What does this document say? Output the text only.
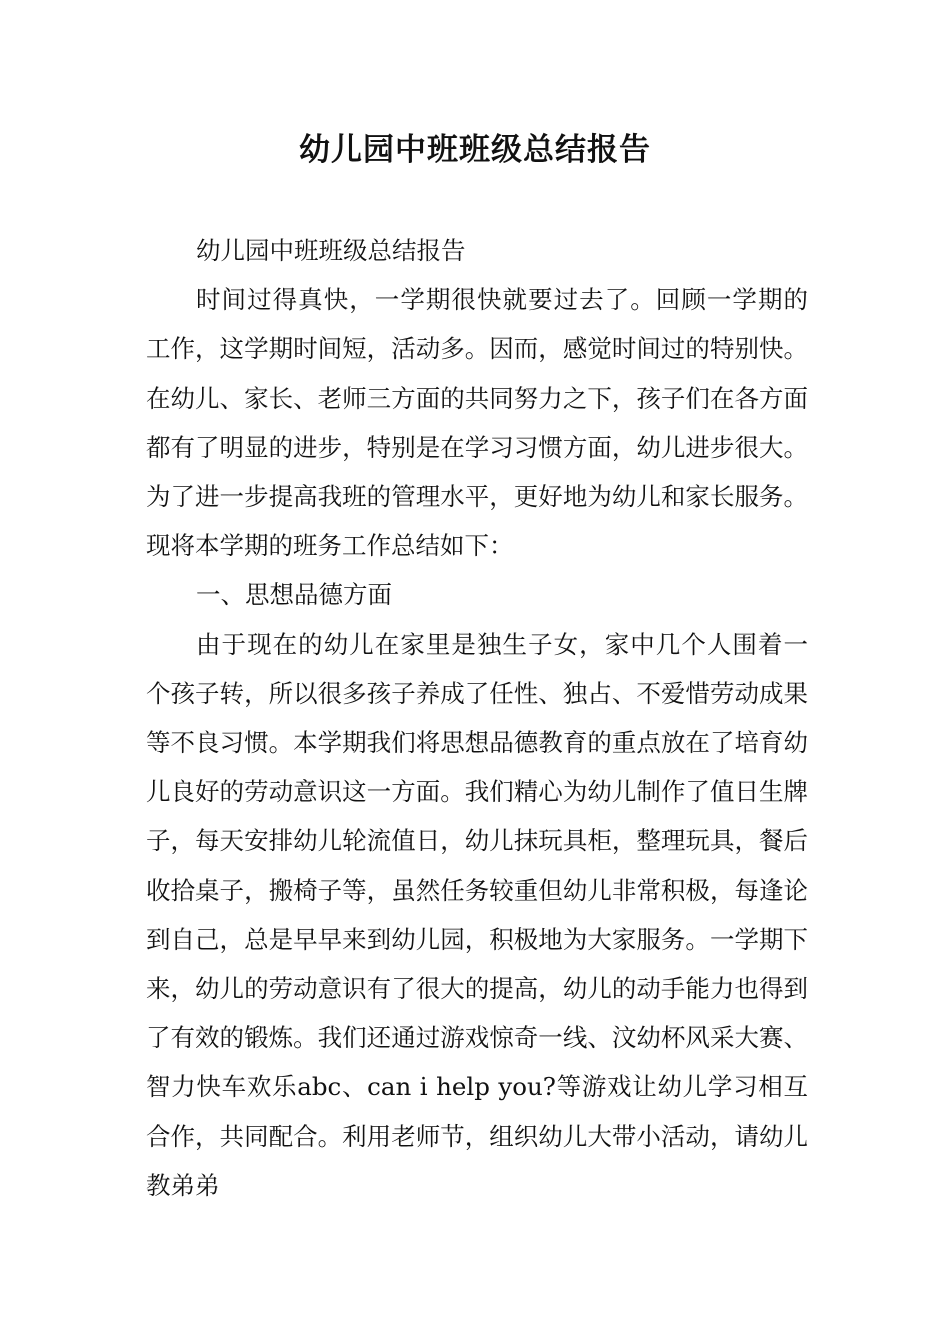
幼儿园中班班级总结报告

幼儿园中班班级总结报告

时间过得真快，一学期很快就要过去了。回顾一学期的工作，这学期时间短，活动多。因而，感觉时间过的特别快。在幼儿、家长、老师三方面的共同努力之下，孩子们在各方面都有了明显的进步，特别是在学习习惯方面，幼儿进步很大。为了进一步提高我班的管理水平，更好地为幼儿和家长服务。现将本学期的班务工作总结如下：

一、思想品德方面

由于现在的幼儿在家里是独生子女，家中几个人围着一个孩子转，所以很多孩子养成了任性、独占、不爱惜劳动成果等不良习惯。本学期我们将思想品德教育的重点放在了培育幼儿良好的劳动意识这一方面。我们精心为幼儿制作了值日生牌子，每天安排幼儿轮流值日，幼儿抹玩具柜，整理玩具，餐后收拾桌子，搬椅子等，虽然任务较重但幼儿非常积极，每逢论到自己，总是早早来到幼儿园，积极地为大家服务。一学期下来，幼儿的劳动意识有了很大的提高，幼儿的动手能力也得到了有效的锻炼。我们还通过游戏惊奇一线、汶幼杯风采大赛、智力快车欢乐abc、can i help you?等游戏让幼儿学习相互合作，共同配合。利用老师节，组织幼儿大带小活动，请幼儿教弟弟
